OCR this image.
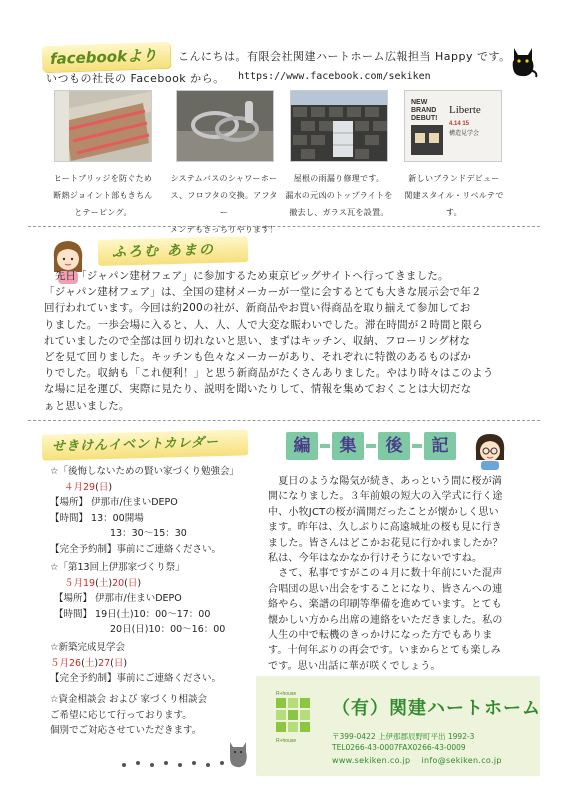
facebookより	こんにちは。有限会社関建ハートホーム広報担当 Happy です。
いつもの社長の Facebook から。 https://www.facebook.com/sekiken
NEW
BRAND
DEBUT!
Liberte
4.14 15
構造見学会
ヒートブリッジを防ぐため
断熱ジョイント部もきちん
とテーピング。
システムバスのシャワーホー
ス、フロフタの交換。アフター
メンテもきっちりやります！
屋根の雨漏り修理です。
漏水の元凶のトップライトを
撤去し、ガラス瓦を設置。
新しいブランドデビュー
関建スタイル・リベルテです。
ふろむ あまの

　先日「ジャパン建材フェア」に参加するため東京ビッグサイトへ行ってきました。

「ジャパン建材フェア」は、全国の建材メーカーが一堂に会するとても大きな展示会で年２

回行われています。今回は約200の社が、新商品やお買い得商品を取り揃えて参加してお

りました。一歩会場に入ると、人、人、人で大変な賑わいでした。滞在時間が２時間と限ら

れていましたので全部は回り切れないと思い、まずはキッチン、収納、フローリング材な

どを見て回りました。キッチンも色々なメーカーがあり、それぞれに特徴のあるものばか

りでした。収納も「これ便利！」と思う新商品がたくさんありました。やはり時々はこのよう

な場に足を運び、実際に見たり、説明を聞いたりして、情報を集めておくことは大切だな

ぁと思いました。

せきけんイベントカレダー
☆「後悔しないための賢い家づくり勉強会」
４月29(日)
【場所】 伊那市/住まいDEPO
【時間】 13：00開場
13：30～15：30
【完全予約制】事前にご連絡ください。
☆「第13回上伊那家づくり祭」
５月19(土)20(日)
【場所】 伊那市/住まいDEPO
【時間】 19日(土)10：00～17：00
20日(日)10：00～16：00
☆新築完成見学会
５月26(土)27(日)
【完全予約制】事前にご連絡ください。
☆資金相談会 および 家づくり相談会
ご希望に応じて行っております。
個別でご対応させていただきます。
編	集	後	記

　夏日のような陽気が続き、あっという間に桜が満

開になりました。３年前娘の短大の入学式に行く途

中、小牧JCTの桜が満開だったことが懐かしく思い

ます。昨年は、久しぶりに高遠城址の桜も見に行き

ました。皆さんはどこかお花見に行かれましたか？

私は、今年はなかなか行けそうにないですね。

　さて、私事ですがこの４月に数十年前にいた混声

合唱団の思い出会をすることになり、皆さんへの連

絡やら、楽譜の印刷等準備を進めています。とても

懐かしい方から出席の連絡をいただきました。私の

人生の中で転機のきっかけになった方でもありま

す。十何年ぶりの再会です。いまからとても楽しみ

です。思い出話に華が咲くでしょう。

R+house
R+house
（有）関建ハートホーム
〒399-0422 上伊那郡辰野町平出 1992-3
TEL0266-43-0007FAX0266-43-0009
www.sekiken.co.jp　 info@sekiken.co.jp
